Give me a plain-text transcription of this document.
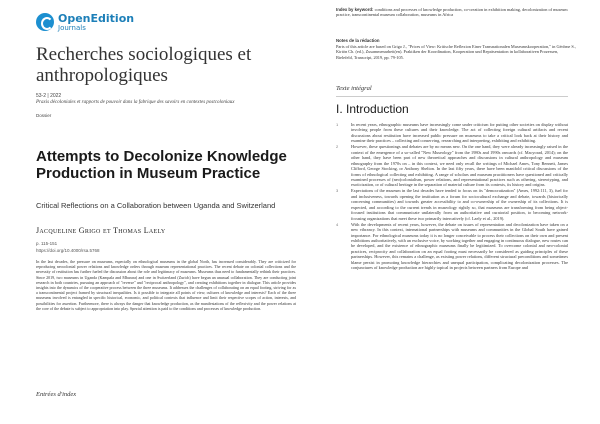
OpenEdition
Journals
Recherches sociologiques et anthropologiques
53-2 | 2022
Praxis décoloniales et rapports de pouvoir dans la fabrique des savoirs en contextes postcoloniaux
Dossier
Attempts to Decolonize Knowledge Production in Museum Practice
Critical Reflections on a Collaboration between Uganda and Switzerland
Jacqueline Grigo et Thomas Laely
p. 115-151
https://doi.org/10.4000/rsa.5768
In the last decades, the pressure on museums, especially on ethnological museums in the global North, has increased considerably. They are criticized for reproducing neocolonial power relations and knowledge orders through museum representational practices. The recent debate on colonial collections and the necessity of restitution has further fueled the discussion about the role and legitimacy of museums. Museums thus need to fundamentally rethink their practices. Since 2019, two museums in Uganda (Kampala and Mbarara) and one in Switzerland (Zurich) have begun an unusual collaboration. They are conducting joint research in both countries, pursuing an approach of "reverse" and "reciprocal anthropology", and creating exhibitions together in dialogue. This article provides insights into the dynamics of the cooperative process between the three museums. It addresses the challenges of collaborating on an equal footing, striving for as a transcontinental project framed by structural inequalities. Is it possible to integrate all points of view, cultures of knowledge and interests? Each of the three museums involved is entangled in specific historical, economic, and political contexts that influence and limit their respective scopes of action, interests, and possibilities for assertion. Furthermore, there is always the danger that knowledge production, as the manifestations of the reflexivity and the power relations at the core of the debate is subject to appropriation into play. Spezial attention is paid to the conditions and processes of knowledge production.
Entrées d'index
Index by keyword: conditions and processes of knowledge production, co-creation in exhibition making, decolonization of museum practice, transcontinental museum collaboration, museums in Africa
Notes de la rédaction
Parts of this article are based on Grigo J., "Prices of View: Kritische Reflexion Einer Transnationalen Museumskooperation," in Gérôme S., Kirtön Ch. (ed.), Zusammenarbeit(en). Praktiken der Koordination, Kooperation und Repräsentation in kollaborativen Prozessen, Bielefeld, Transcript, 2019, pp. 79-105.
Texte intégral
I. Introduction
1	In recent years, ethnographic museums have increasingly come under criticism for putting other societies on display without involving people from these cultures and their knowledge. The act of collecting foreign cultural artifacts and recent discussions about restitution have increased public pressure on museums to take a critical look back at their history and examine their practices – collecting and conserving, researching and interpreting, exhibiting and exhibiting.
2	However, these questionings and debates are by no means new. On the one hand, they were already increasingly raised in the context of the emergence of a so-called "New Museology" from the 1980s and 1990s onwards (cf. Macyorad, 2014); on the other hand, they have been part of new theoretical approaches and discussions in cultural anthropology and museum ethnography from the 1970s on – in this context, we need only recall the writings of Michael Ames, Tony Bennett, James Clifford, George Stocking, or Anthony Shelton. In the last fifty years, there have been manifold critical discussions of the forms of ethnological collecting and exhibiting. A range of scholars and museum practitioners have questioned and critically examined processes of (neo)colonialism, power relations, and representational practices such as othering, stereotyping, and exoticization, or of cultural heritage in the separation of material culture from its contexts, its history and origins.
3	Expectations of the museum in the last decades have tended to focus on its "democratization" (Ames, 1992:111, 3), fuel for and inclusiveness, towards opening the institution as a forum for sociocultural exchange and debate, towards (historically concerning communities) and towards greater accessibility to and co-ownership of the ownership of its collections. It is expected, and according to the current trends in museology rightly so, that museums are transforming from being object-focused institutions that communicate unilaterally from an authoritative and curatorial position, to becoming network-focusing organizations that meet these two primarily intercatively (cf. Laely et al., 2019).
4	With the developments of recent years, however, the debate on issues of representation and decolonization have taken on a new vibrancy. In this context, international partnerships with museums and communities in the Global South have gained importance. For ethnological museums today it is no longer conceivable to process their collections on their own and present exhibitions authoritatively, with an exclusive voice, by working together and engaging in continuous dialogue, new routes can be developed, and the existence of ethnographic museums finally be legitimized. To overcome colonial and neo-colonial practices, reciprocity and collaboration on an equal footing must necessarily be considered as guiding principles of these partnerships. However, this remains a challenge, as existing power relations, different structural preconditions and sometimes blame persist in promoting knowledge hierarchies and unequal participation, complicating decolonization processes. The conjunctures of knowledge production are highly topical in projects between partners from Europe and
